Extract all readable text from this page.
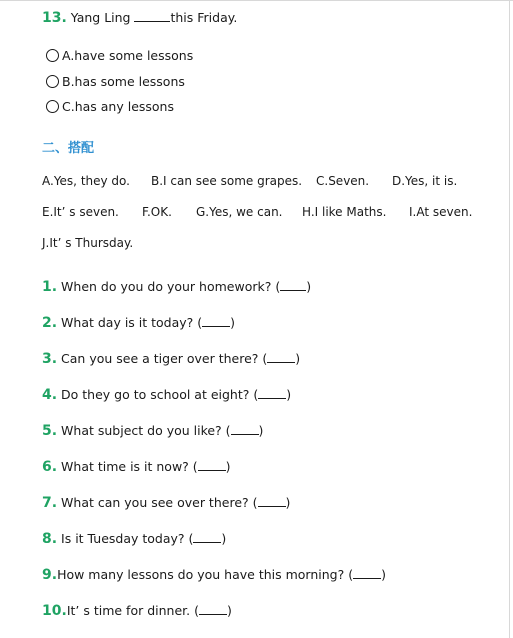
13. Yang Ling	this Friday.
A.have some lessons
B.has some lessons
C.has any lessons
二、搭配
A.Yes, they do. B.I can see some grapes. C.Seven. D.Yes, it is.
E.It’ s seven. F.OK. G.Yes, we can. H.I like Maths. I.At seven.
J.It’ s Thursday.
1. When do you do your homework? ( )
2. What day is it today? ( )
3. Can you see a tiger over there? ( )
4. Do they go to school at eight? ( )
5. What subject do you like? ( )
6. What time is it now? ( )
7. What can you see over there? ( )
8. Is it Tuesday today? ( )
9.How many lessons do you have this morning? ( )
10.It’ s time for dinner. ( )
